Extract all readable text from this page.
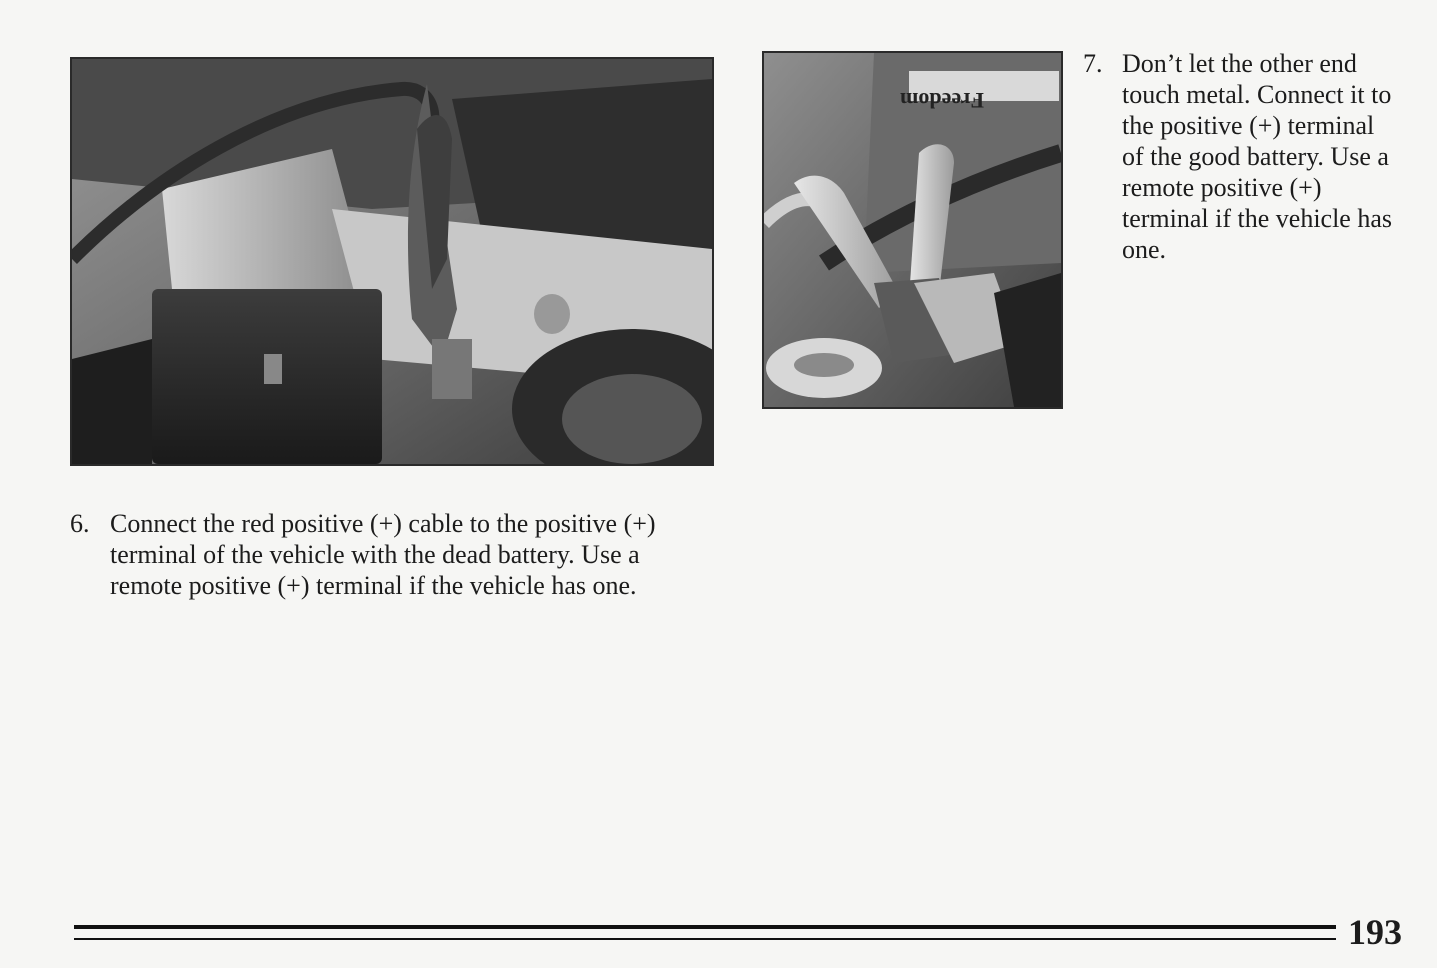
Freedom
6. Connect the red positive (+) cable to the positive (+) terminal of the vehicle with the dead battery. Use a remote positive (+) terminal if the vehicle has one.
7. Don’t let the other end touch metal. Connect it to the positive (+) terminal of the good battery. Use a remote positive (+) terminal if the vehicle has one.
193
